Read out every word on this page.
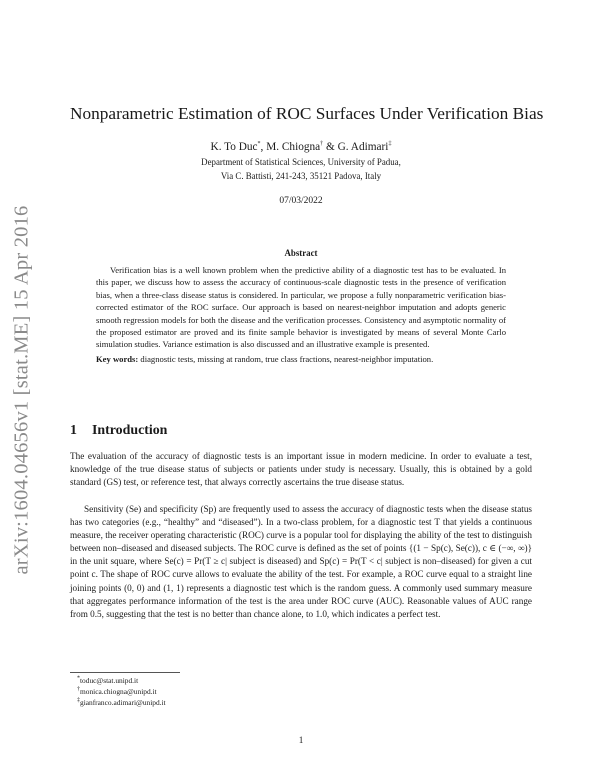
arXiv:1604.04656v1 [stat.ME] 15 Apr 2016
Nonparametric Estimation of ROC Surfaces Under Verification Bias
K. To Duc*, M. Chiogna† & G. Adimari‡
Department of Statistical Sciences, University of Padua,
Via C. Battisti, 241-243, 35121 Padova, Italy
07/03/2022
Abstract

Verification bias is a well known problem when the predictive ability of a diagnostic test has to be evaluated. In this paper, we discuss how to assess the accuracy of continuous-scale diagnostic tests in the presence of verification bias, when a three-class disease status is considered. In particular, we propose a fully nonparametric verification bias-corrected estimator of the ROC surface. Our approach is based on nearest-neighbor imputation and adopts generic smooth regression models for both the disease and the verification processes. Consistency and asymptotic normality of the proposed estimator are proved and its finite sample behavior is investigated by means of several Monte Carlo simulation studies. Variance estimation is also discussed and an illustrative example is presented.

Key words: diagnostic tests, missing at random, true class fractions, nearest-neighbor imputation.

1 Introduction

The evaluation of the accuracy of diagnostic tests is an important issue in modern medicine. In order to evaluate a test, knowledge of the true disease status of subjects or patients under study is necessary. Usually, this is obtained by a gold standard (GS) test, or reference test, that always correctly ascertains the true disease status.

Sensitivity (Se) and specificity (Sp) are frequently used to assess the accuracy of diagnostic tests when the disease status has two categories (e.g., “healthy” and “diseased”). In a two-class problem, for a diagnostic test T that yields a continuous measure, the receiver operating characteristic (ROC) curve is a popular tool for displaying the ability of the test to distinguish between non–diseased and diseased subjects. The ROC curve is defined as the set of points {(1 − Sp(c), Se(c)), c ∈ (−∞, ∞)} in the unit square, where Se(c) = Pr(T ≥ c| subject is diseased) and Sp(c) = Pr(T < c| subject is non–diseased) for given a cut point c. The shape of ROC curve allows to evaluate the ability of the test. For example, a ROC curve equal to a straight line joining points (0, 0) and (1, 1) represents a diagnostic test which is the random guess. A commonly used summary measure that aggregates performance information of the test is the area under ROC curve (AUC). Reasonable values of AUC range from 0.5, suggesting that the test is no better than chance alone, to 1.0, which indicates a perfect test.

*toduc@stat.unipd.it
†monica.chiogna@unipd.it
‡gianfranco.adimari@unipd.it
1
